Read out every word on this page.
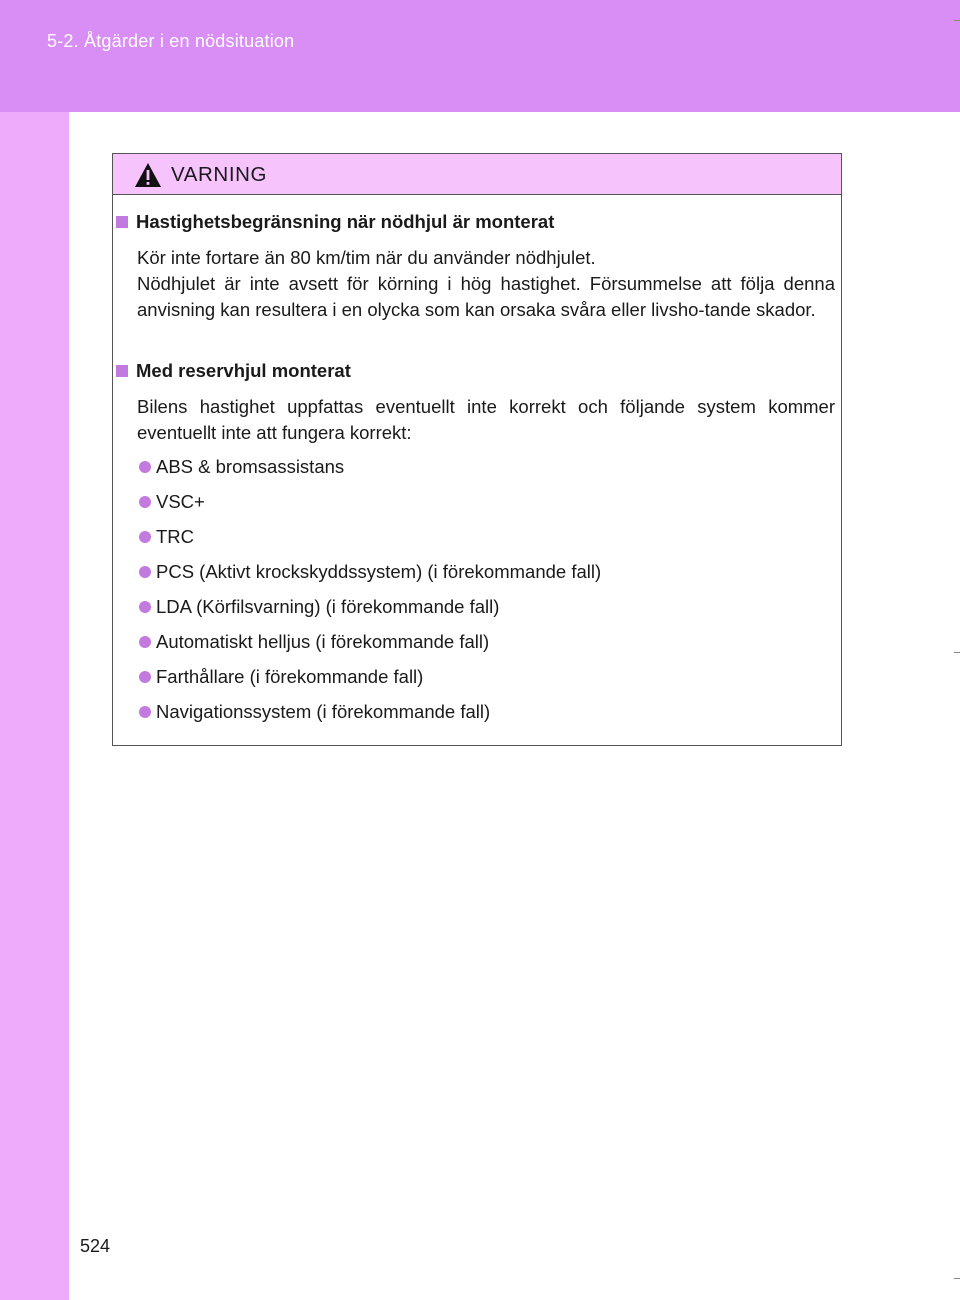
5-2. Åtgärder i en nödsituation
VARNING
Hastighetsbegränsning när nödhjul är monterat
Kör inte fortare än 80 km/tim när du använder nödhjulet.
Nödhjulet är inte avsett för körning i hög hastighet. Försummelse att följa denna anvisning kan resultera i en olycka som kan orsaka svåra eller livsho-tande skador.
Med reservhjul monterat
Bilens hastighet uppfattas eventuellt inte korrekt och följande system kommer eventuellt inte att fungera korrekt:
ABS & bromsassistans
VSC+
TRC
PCS (Aktivt krockskyddssystem) (i förekommande fall)
LDA (Körfilsvarning) (i förekommande fall)
Automatiskt helljus (i förekommande fall)
Farthållare (i förekommande fall)
Navigationssystem (i förekommande fall)
524
